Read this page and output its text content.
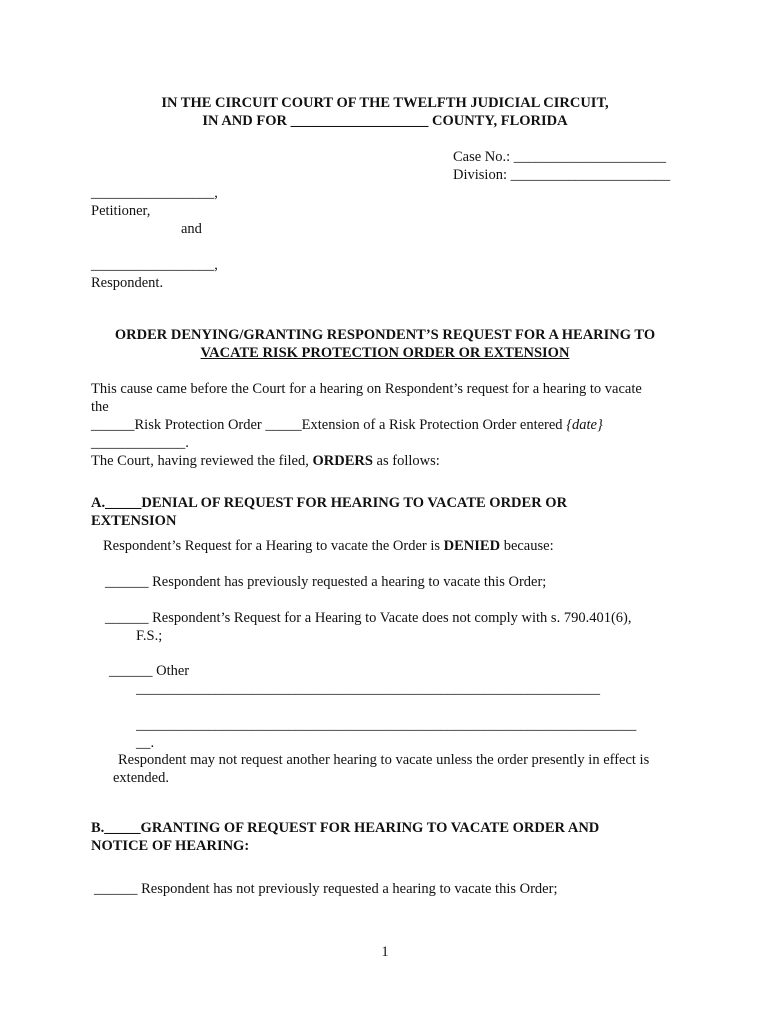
IN THE CIRCUIT COURT OF THE TWELFTH JUDICIAL CIRCUIT,
IN AND FOR ___________________ COUNTY, FLORIDA
Case No.: _____________________
Division: ______________________
_________________,
Petitioner,
and
_________________,
Respondent.
ORDER DENYING/GRANTING RESPONDENT’S REQUEST FOR A HEARING TO
VACATE RISK PROTECTION ORDER OR EXTENSION
This cause came before the Court for a hearing on Respondent’s request for a hearing to vacate
the
______Risk Protection Order _____Extension of a Risk Protection Order entered {date}
_____________.
The Court, having reviewed the filed, ORDERS as follows:
A._____DENIAL OF REQUEST FOR HEARING TO VACATE ORDER OR
EXTENSION
Respondent’s Request for a Hearing to vacate the Order is DENIED because:
______ Respondent has previously requested a hearing to vacate this Order;
______ Respondent’s Request for a Hearing to Vacate does not comply with s. 790.401(6),
F.S.;
______ Other
________________________________________________________________
_____________________________________________________________________
__.
Respondent may not request another hearing to vacate unless the order presently in effect is
extended.
B._____GRANTING OF REQUEST FOR HEARING TO VACATE ORDER AND
NOTICE OF HEARING:
______ Respondent has not previously requested a hearing to vacate this Order;
1
